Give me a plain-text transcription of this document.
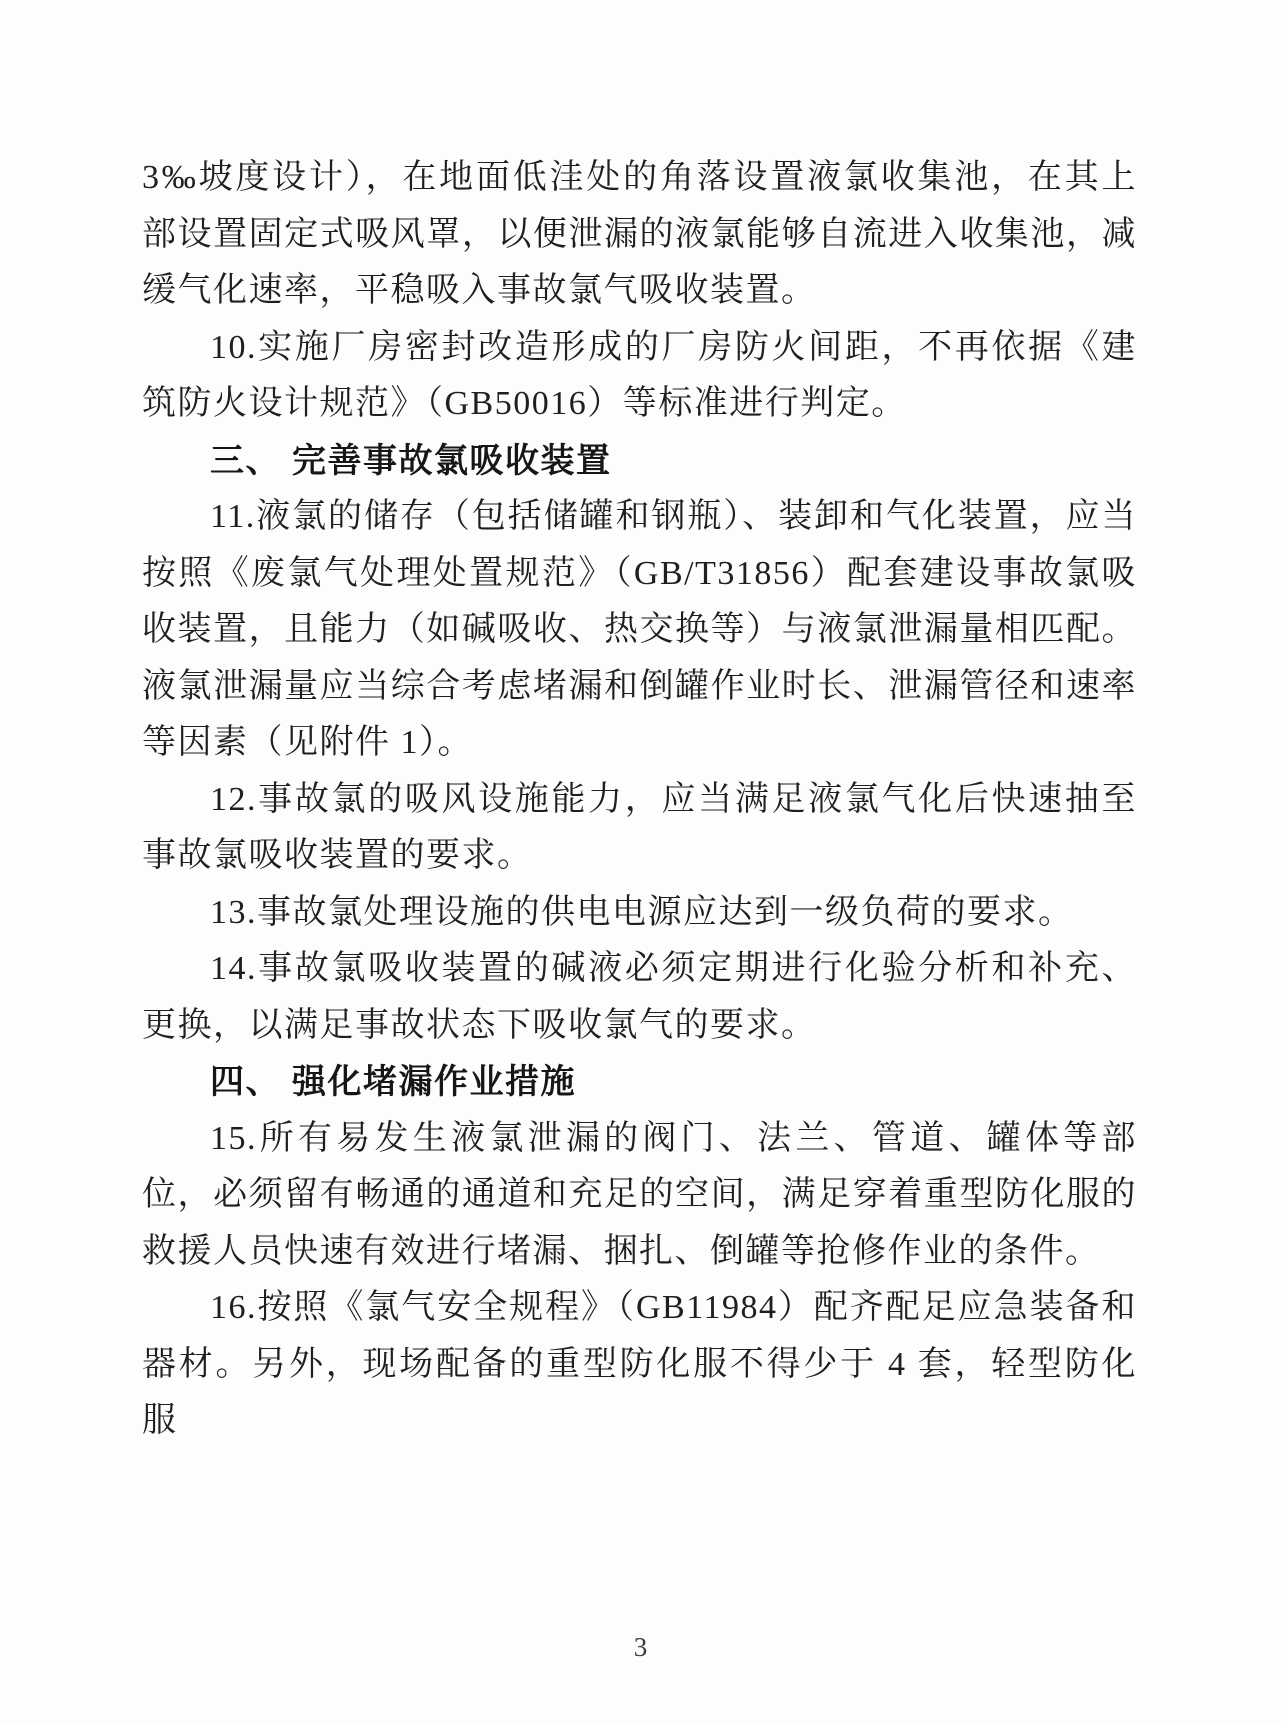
3‰坡度设计），在地面低洼处的角落设置液氯收集池，在其上部设置固定式吸风罩，以便泄漏的液氯能够自流进入收集池，减缓气化速率，平稳吸入事故氯气吸收装置。

10.实施厂房密封改造形成的厂房防火间距，不再依据《建筑防火设计规范》（GB50016）等标准进行判定。

三、 完善事故氯吸收装置

11.液氯的储存（包括储罐和钢瓶）、装卸和气化装置，应当按照《废氯气处理处置规范》（GB/T31856）配套建设事故氯吸收装置，且能力（如碱吸收、热交换等）与液氯泄漏量相匹配。液氯泄漏量应当综合考虑堵漏和倒罐作业时长、泄漏管径和速率等因素（见附件 1）。

12.事故氯的吸风设施能力，应当满足液氯气化后快速抽至事故氯吸收装置的要求。

13.事故氯处理设施的供电电源应达到一级负荷的要求。

14.事故氯吸收装置的碱液必须定期进行化验分析和补充、更换，以满足事故状态下吸收氯气的要求。

四、 强化堵漏作业措施

15.所有易发生液氯泄漏的阀门、法兰、管道、罐体等部位，必须留有畅通的通道和充足的空间，满足穿着重型防化服的救援人员快速有效进行堵漏、捆扎、倒罐等抢修作业的条件。

16.按照《氯气安全规程》（GB11984）配齐配足应急装备和器材。另外，现场配备的重型防化服不得少于 4 套，轻型防化服

3
